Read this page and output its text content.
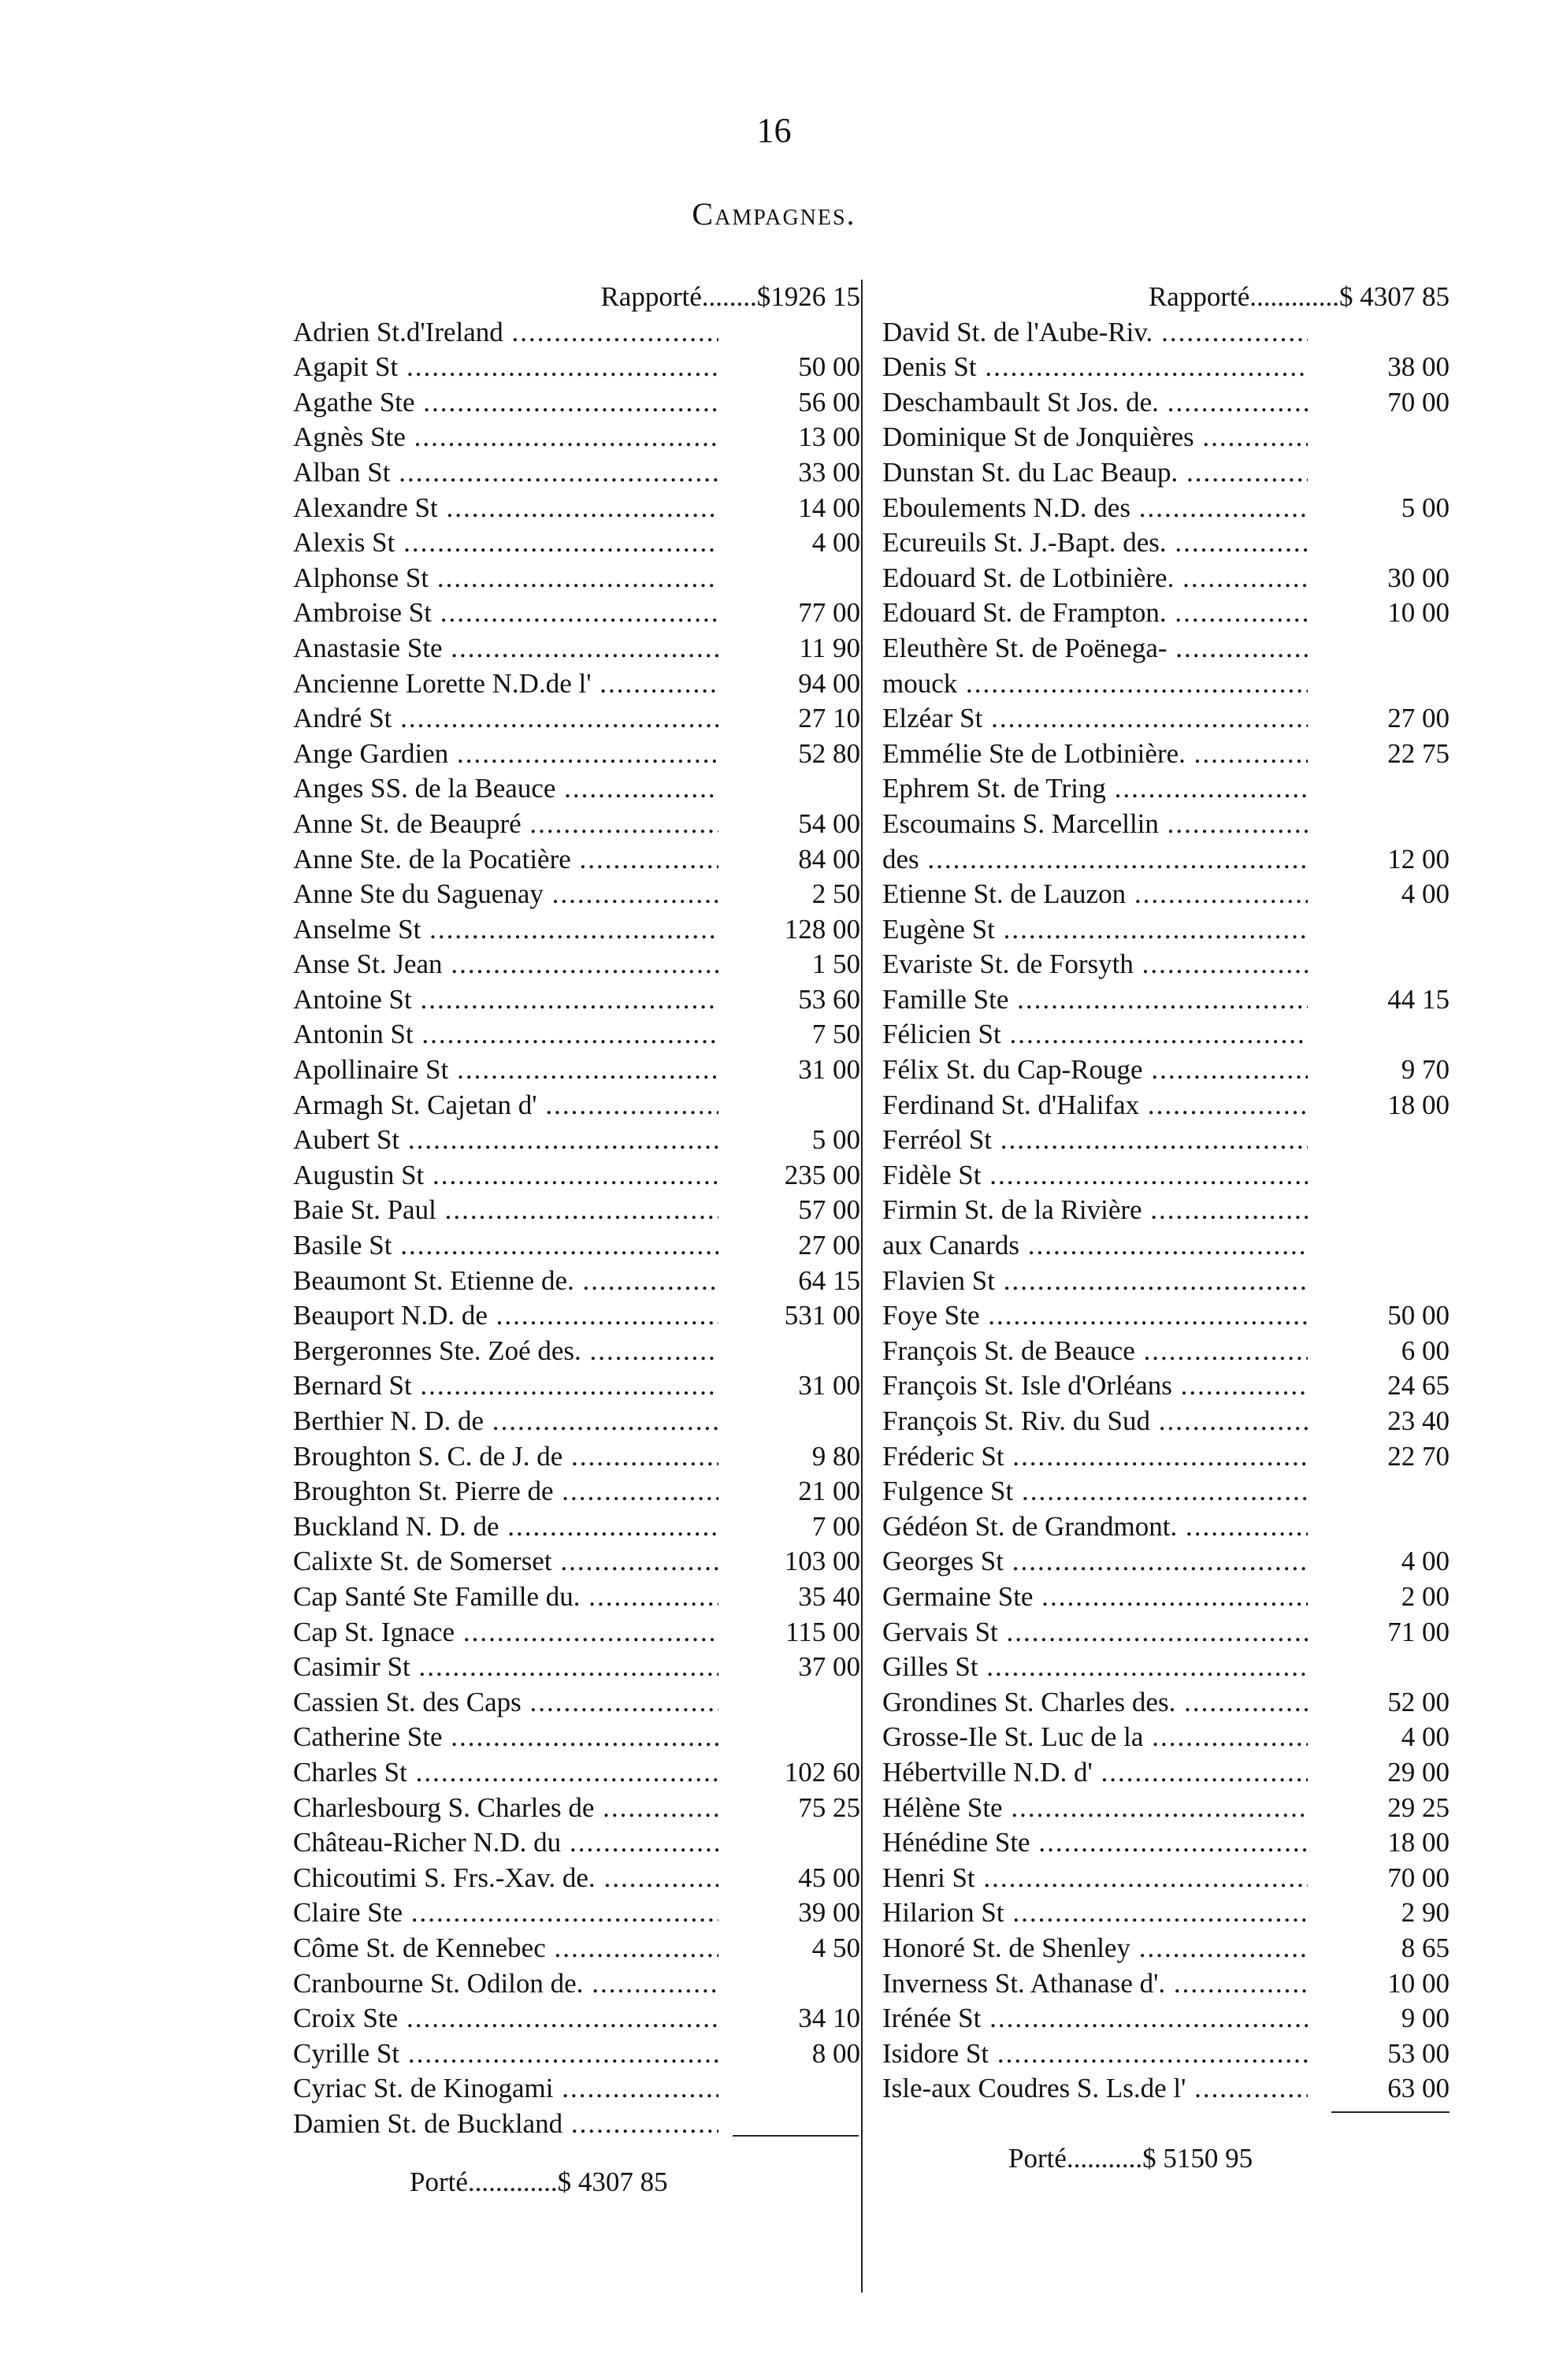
16
Campagnes.
Rapporté........$1926 15
Adrien St.d'Ireland .....
Agapit St .....	50 00
Agathe Ste .....	56 00
Agnès Ste .....	13 00
Alban St .....	33 00
Alexandre St .....	14 00
Alexis St .....	4 00
Alphonse St .....
Ambroise St .....	77 00
Anastasie Ste .....	11 90
Ancienne Lorette N.D.de l' .....	94 00
André St .....	27 10
Ange Gardien .....	52 80
Anges SS. de la Beauce .....
Anne St. de Beaupré .....	54 00
Anne Ste. de la Pocatière .....	84 00
Anne Ste du Saguenay .....	2 50
Anselme St .....	128 00
Anse St. Jean .....	1 50
Antoine St .....	53 60
Antonin St .....	7 50
Apollinaire St .....	31 00
Armagh St. Cajetan d' .....
Aubert St .....	5 00
Augustin St .....	235 00
Baie St. Paul .....	57 00
Basile St .....	27 00
Beaumont St. Etienne de. .....	64 15
Beauport N.D. de .....	531 00
Bergeronnes Ste. Zoé des. .....
Bernard St .....	31 00
Berthier N. D. de .....
Broughton S. C. de J. de .....	9 80
Broughton St. Pierre de .....	21 00
Buckland N. D. de .....	7 00
Calixte St. de Somerset .....	103 00
Cap Santé Ste Famille du. .....	35 40
Cap St. Ignace .....	115 00
Casimir St .....	37 00
Cassien St. des Caps .....
Catherine Ste .....
Charles St .....	102 60
Charlesbourg S. Charles de .....	75 25
Château-Richer N.D. du .....
Chicoutimi S. Frs.-Xav. de. .....	45 00
Claire Ste .....	39 00
Côme St. de Kennebec .....	4 50
Cranbourne St. Odilon de. .....
Croix Ste .....	34 10
Cyrille St .....	8 00
Cyriac St. de Kinogami .....
Damien St. de Buckland .....
Rapporté.............$ 4307 85
David St. de l'Aube-Riv. .....
Denis St .....	38 00
Deschambault St Jos. de. .....	70 00
Dominique St de Jonquières .....
Dunstan St. du Lac Beaup. .....
Eboulements N.D. des .....	5 00
Ecureuils St. J.-Bapt. des. .....
Edouard St. de Lotbinière. .....	30 00
Edouard St. de Frampton. .....	10 00
Eleuthère St. de Poënega- .....
mouck .....
Elzéar St .....	27 00
Emmélie Ste de Lotbinière. .....	22 75
Ephrem St. de Tring .....
Escoumains S. Marcellin .....
des .....	12 00
Etienne St. de Lauzon .....	4 00
Eugène St .....
Evariste St. de Forsyth .....
Famille Ste .....	44 15
Félicien St .....
Félix St. du Cap-Rouge .....	9 70
Ferdinand St. d'Halifax .....	18 00
Ferréol St .....
Fidèle St .....
Firmin St. de la Rivière .....
aux Canards .....
Flavien St .....
Foye Ste .....	50 00
François St. de Beauce .....	6 00
François St. Isle d'Orléans .....	24 65
François St. Riv. du Sud .....	23 40
Fréderic St .....	22 70
Fulgence St .....
Gédéon St. de Grandmont. .....
Georges St .....	4 00
Germaine Ste .....	2 00
Gervais St .....	71 00
Gilles St .....
Grondines St. Charles des. .....	52 00
Grosse-Ile St. Luc de la .....	4 00
Hébertville N.D. d' .....	29 00
Hélène Ste .....	29 25
Hénédine Ste .....	18 00
Henri St .....	70 00
Hilarion St .....	2 90
Honoré St. de Shenley .....	8 65
Inverness St. Athanase d'. .....	10 00
Irénée St .....	9 00
Isidore St .....	53 00
Isle-aux Coudres S. Ls.de l' .....	63 00
Porté.............$ 4307 85
Porté...........$ 5150 95
